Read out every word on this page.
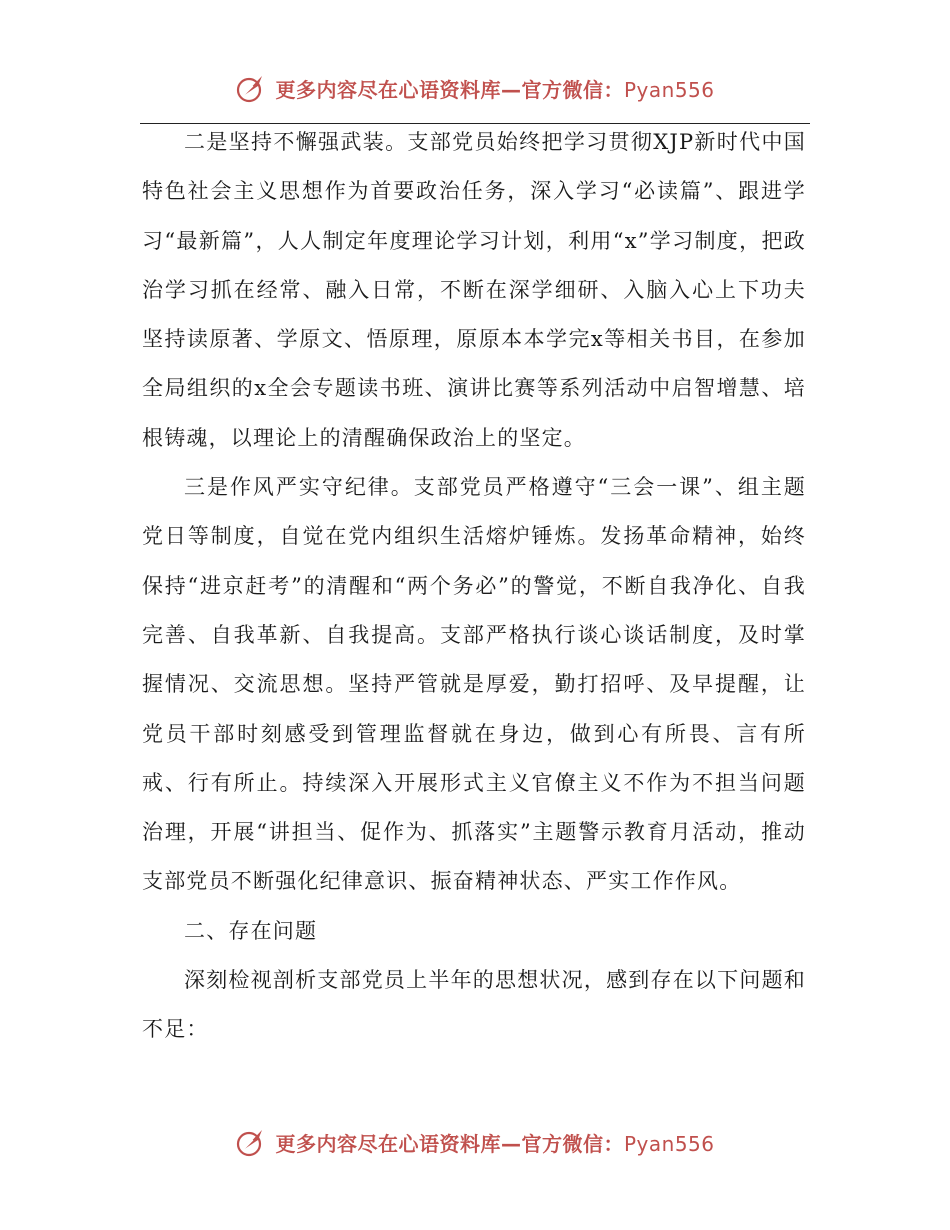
更多内容尽在心语资料库—官方微信：Pyan556

二是坚持不懈强武装。支部党员始终把学习贯彻XJP新时代中国特色社会主义思想作为首要政治任务，深入学习“必读篇”、跟进学习“最新篇”，人人制定年度理论学习计划，利用“x”学习制度，把政治学习抓在经常、融入日常，不断在深学细研、入脑入心上下功夫坚持读原著、学原文、悟原理，原原本本学完x等相关书目，在参加全局组织的x全会专题读书班、演讲比赛等系列活动中启智增慧、培根铸魂，以理论上的清醒确保政治上的坚定。

三是作风严实守纪律。支部党员严格遵守“三会一课”、组主题党日等制度，自觉在党内组织生活熔炉锤炼。发扬革命精神，始终保持“进京赶考”的清醒和“两个务必”的警觉，不断自我净化、自我完善、自我革新、自我提高。支部严格执行谈心谈话制度，及时掌握情况、交流思想。坚持严管就是厚爱，勤打招呼、及早提醒，让党员干部时刻感受到管理监督就在身边，做到心有所畏、言有所戒、行有所止。持续深入开展形式主义官僚主义不作为不担当问题治理，开展“讲担当、促作为、抓落实”主题警示教育月活动，推动支部党员不断强化纪律意识、振奋精神状态、严实工作作风。

二、存在问题

深刻检视剖析支部党员上半年的思想状况，感到存在以下问题和不足：

更多内容尽在心语资料库—官方微信：Pyan556
